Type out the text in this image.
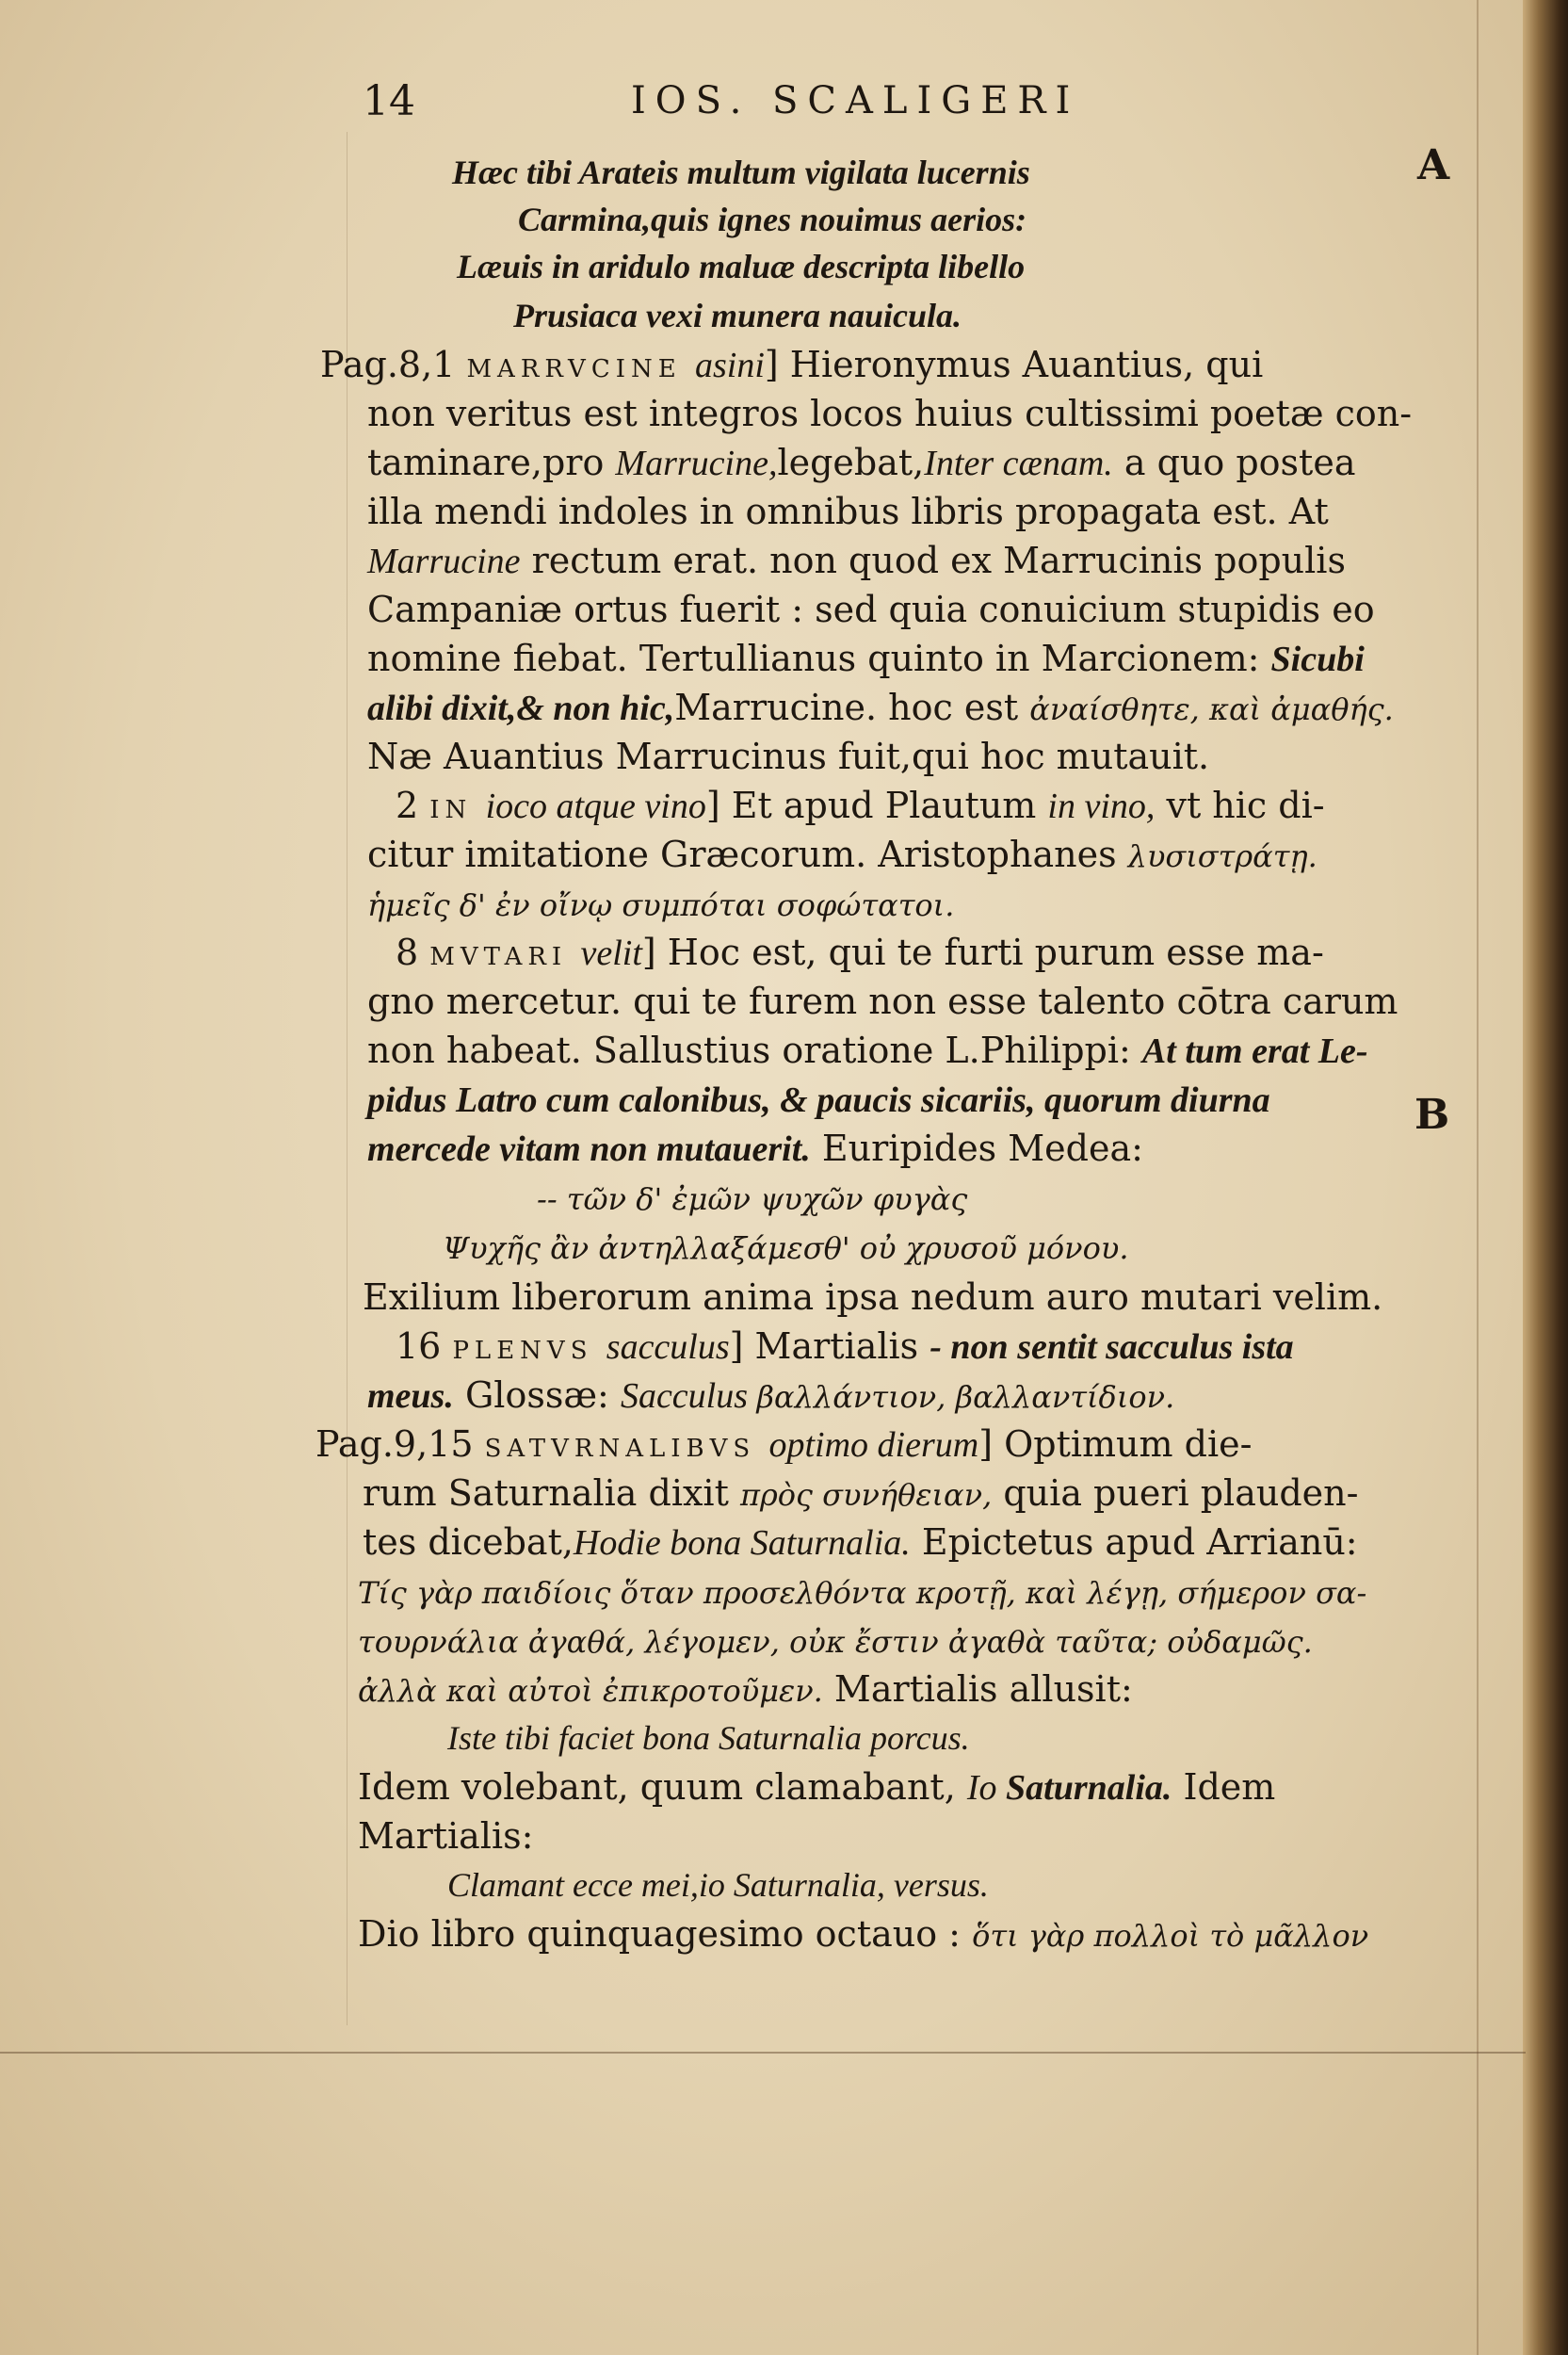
14	IOS. SCALIGERI
A
B
Hæc tibi Arateis multum vigilata lucernis
Carmina,quis ignes nouimus aerios:
Læuis in aridulo maluæ descripta libello
Prusiaca vexi munera nauicula.
Pag.8,1 MARRVCINE asini] Hieronymus Auantius, qui
non veritus est integros locos huius cultissimi poetæ con-
taminare,pro Marrucine,legebat,Inter cænam. a quo postea
illa mendi indoles in omnibus libris propagata est. At
Marrucine rectum erat. non quod ex Marrucinis populis
Campaniæ ortus fuerit : sed quia conuicium stupidis eo
nomine fiebat. Tertullianus quinto in Marcionem: Sicubi
alibi dixit,& non hic,Marrucine. hoc est ἀναίσθητε, καὶ ἀμαθής.
Næ Auantius Marrucinus fuit,qui hoc mutauit.
2 IN ioco atque vino] Et apud Plautum in vino, vt hic di-
citur imitatione Græcorum. Aristophanes λυσιστράτῃ.
ἡμεῖς δ' ἐν οἴνῳ συμπόται σοφώτατοι.
8 MVTARI velit] Hoc est, qui te furti purum esse ma-
gno mercetur. qui te furem non esse talento cōtra carum
non habeat. Sallustius oratione L.Philippi: At tum erat Le-
pidus Latro cum calonibus, & paucis sicariis, quorum diurna
mercede vitam non mutauerit. Euripides Medea:
-- τῶν δ' ἐμῶν ψυχῶν φυγὰς
Ψυχῆς ἂν ἀντηλλαξάμεσθ' οὐ χρυσοῦ μόνου.
Exilium liberorum anima ipsa nedum auro mutari velim.
16 PLENVS sacculus] Martialis - non sentit sacculus ista
meus. Glossæ: Sacculus βαλλάντιον, βαλλαντίδιον.
Pag.9,15 SATVRNALIBVS optimo dierum] Optimum die-
rum Saturnalia dixit πρὸς συνήθειαν, quia pueri plauden-
tes dicebat,Hodie bona Saturnalia. Epictetus apud Arrianū:
Τίς γὰρ παιδίοις ὅταν προσελθόντα κροτῇ, καὶ λέγῃ, σήμερον σα-
τουρνάλια ἀγαθά, λέγομεν, οὐκ ἔστιν ἀγαθὰ ταῦτα; οὐδαμῶς.
ἀλλὰ καὶ αὐτοὶ ἐπικροτοῦμεν. Martialis allusit:
Iste tibi faciet bona Saturnalia porcus.
Idem volebant, quum clamabant, Io Saturnalia. Idem
Martialis:
Clamant ecce mei,io Saturnalia, versus.
Dio libro quinquagesimo octauo : ὅτι γὰρ πολλοὶ τὸ μᾶλλον
